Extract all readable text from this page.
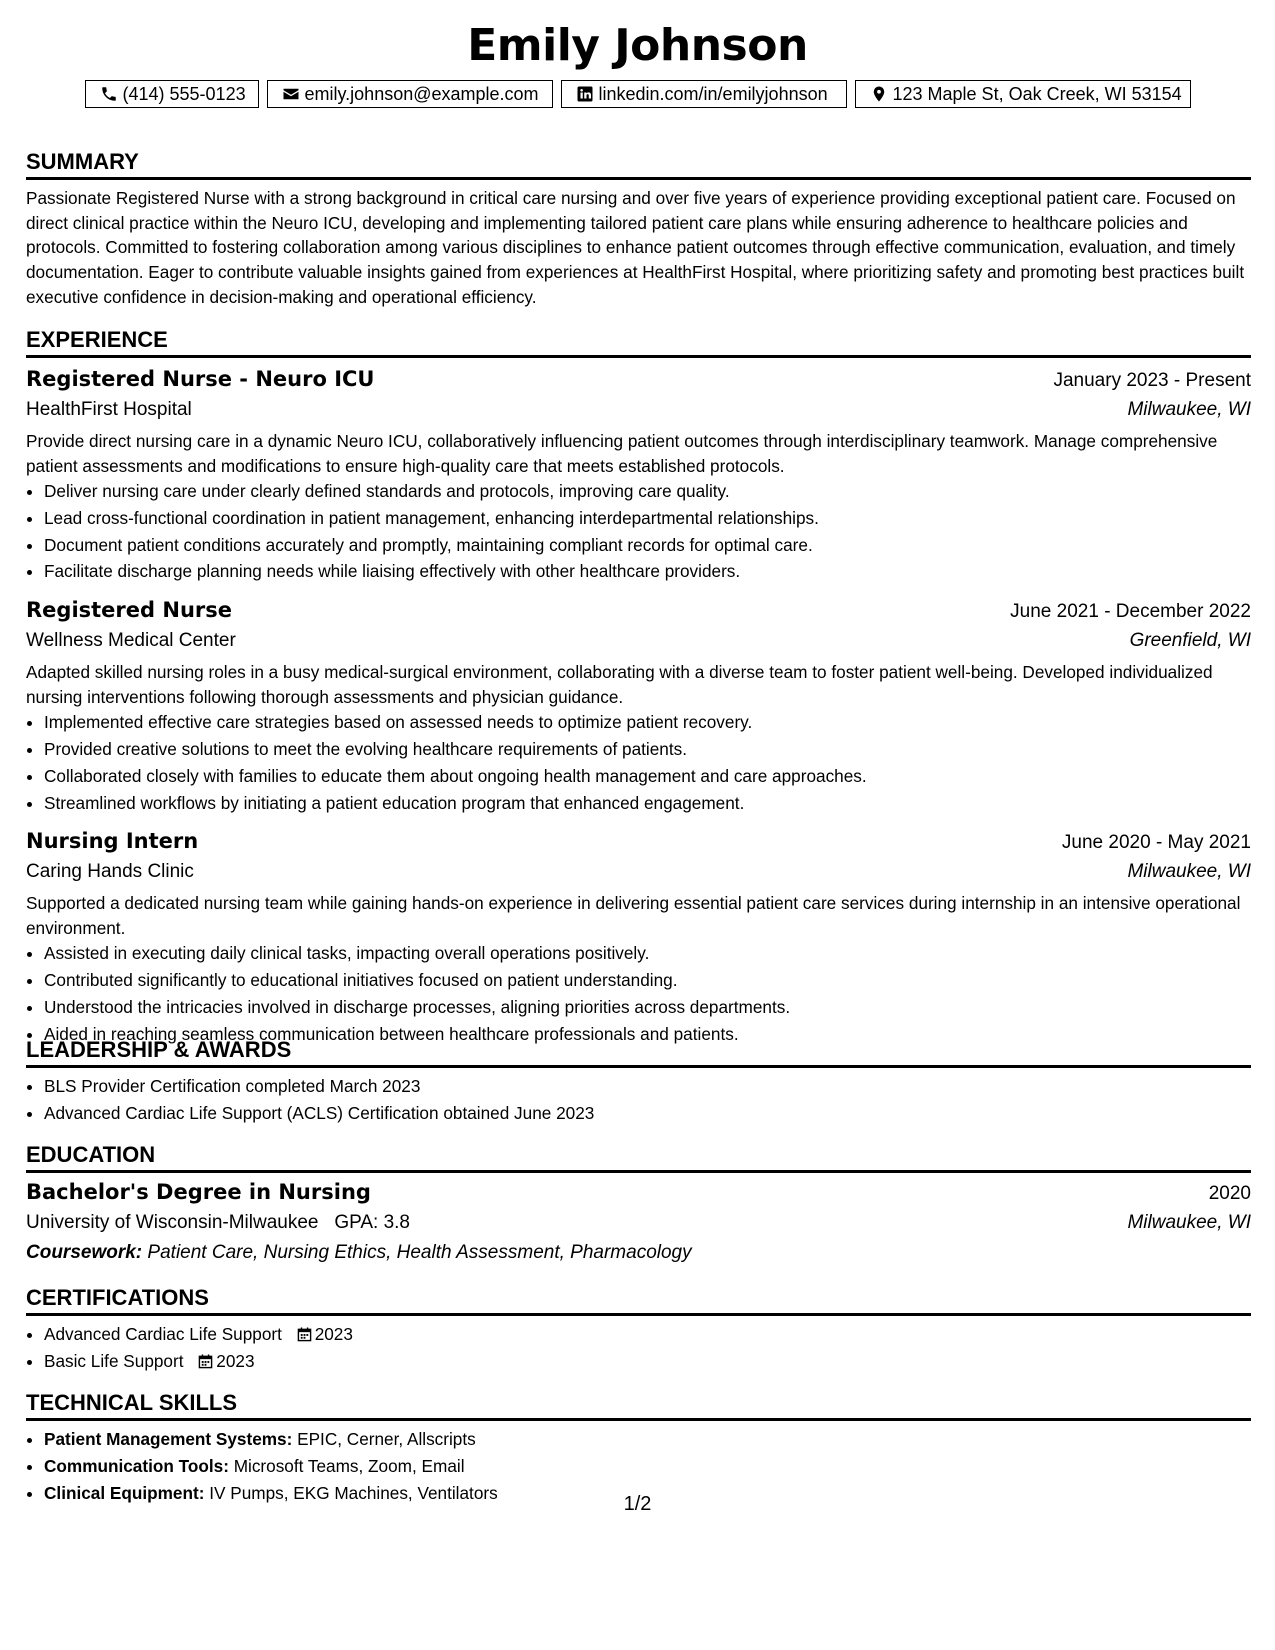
Emily Johnson
(414) 555-0123	emily.johnson@example.com	linkedin.com/in/emilyjohnson	123 Maple St, Oak Creek, WI 53154
SUMMARY

Passionate Registered Nurse with a strong background in critical care nursing and over five years of experience providing exceptional patient care. Focused on direct clinical practice within the Neuro ICU, developing and implementing tailored patient care plans while ensuring adherence to healthcare policies and protocols. Committed to fostering collaboration among various disciplines to enhance patient outcomes through effective communication, evaluation, and timely documentation. Eager to contribute valuable insights gained from experiences at HealthFirst Hospital, where prioritizing safety and promoting best practices built executive confidence in decision-making and operational efficiency.

EXPERIENCE
Registered Nurse - Neuro ICU	January 2023 - Present
HealthFirst Hospital	Milwaukee, WI
Provide direct nursing care in a dynamic Neuro ICU, collaboratively influencing patient outcomes through interdisciplinary teamwork. Manage comprehensive patient assessments and modifications to ensure high-quality care that meets established protocols.
• Deliver nursing care under clearly defined standards and protocols, improving care quality.
• Lead cross-functional coordination in patient management, enhancing interdepartmental relationships.
• Document patient conditions accurately and promptly, maintaining compliant records for optimal care.
• Facilitate discharge planning needs while liaising effectively with other healthcare providers.
Registered Nurse	June 2021 - December 2022
Wellness Medical Center	Greenfield, WI
Adapted skilled nursing roles in a busy medical-surgical environment, collaborating with a diverse team to foster patient well-being. Developed individualized nursing interventions following thorough assessments and physician guidance.
• Implemented effective care strategies based on assessed needs to optimize patient recovery.
• Provided creative solutions to meet the evolving healthcare requirements of patients.
• Collaborated closely with families to educate them about ongoing health management and care approaches.
• Streamlined workflows by initiating a patient education program that enhanced engagement.
Nursing Intern	June 2020 - May 2021
Caring Hands Clinic	Milwaukee, WI
Supported a dedicated nursing team while gaining hands-on experience in delivering essential patient care services during internship in an intensive operational environment.
• Assisted in executing daily clinical tasks, impacting overall operations positively.
• Contributed significantly to educational initiatives focused on patient understanding.
• Understood the intricacies involved in discharge processes, aligning priorities across departments.
• Aided in reaching seamless communication between healthcare professionals and patients.
LEADERSHIP & AWARDS
• BLS Provider Certification completed March 2023
• Advanced Cardiac Life Support (ACLS) Certification obtained June 2023
EDUCATION
Bachelor's Degree in Nursing	2020
University of Wisconsin-Milwaukee GPA: 3.8	Milwaukee, WI
Coursework: Patient Care, Nursing Ethics, Health Assessment, Pharmacology
CERTIFICATIONS
• Advanced Cardiac Life Support 2023
• Basic Life Support 2023
TECHNICAL SKILLS
• Patient Management Systems: EPIC, Cerner, Allscripts
• Communication Tools: Microsoft Teams, Zoom, Email
• Clinical Equipment: IV Pumps, EKG Machines, Ventilators
1/2
